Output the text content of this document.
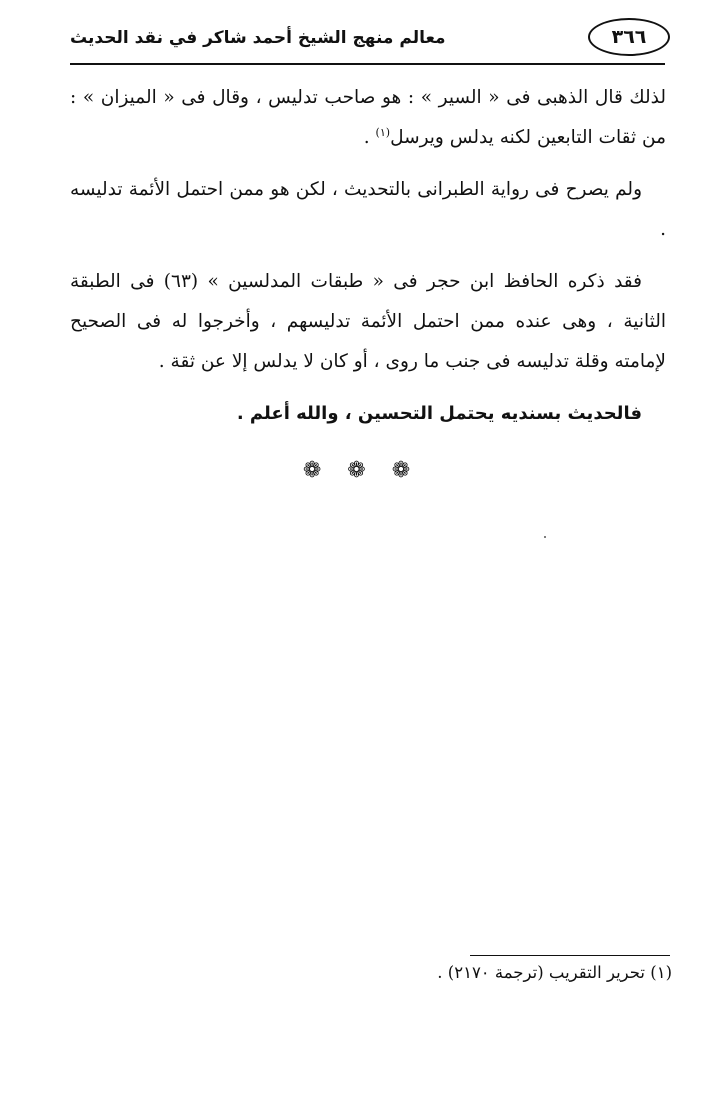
٣٦٦
معالم منهج الشيخ أحمد شاكر في نقد الحديث

لذلك قال الذهبى فى « السير » : هو صاحب تدليس ، وقال فى « الميزان » : من ثقات التابعين لكنه يدلس ويرسل$^{(١)}$ .

ولم يصرح فى رواية الطبرانى بالتحديث ، لكن هو ممن احتمل الأئمة تدليسه .

فقد ذكره الحافظ ابن حجر فى « طبقات المدلسين » (٦٣) فى الطبقة الثانية ، وهى عنده ممن احتمل الأئمة تدليسهم ، وأخرجوا له فى الصحيح لإمامته وقلة تدليسه فى جنب ما روى ، أو كان لا يدلس إلا عن ثقة .

فالحديث بسنديه يحتمل التحسين ، والله أعلم .

❁ ❁ ❁
(١) تحرير التقريب (ترجمة ٢١٧٠) .
